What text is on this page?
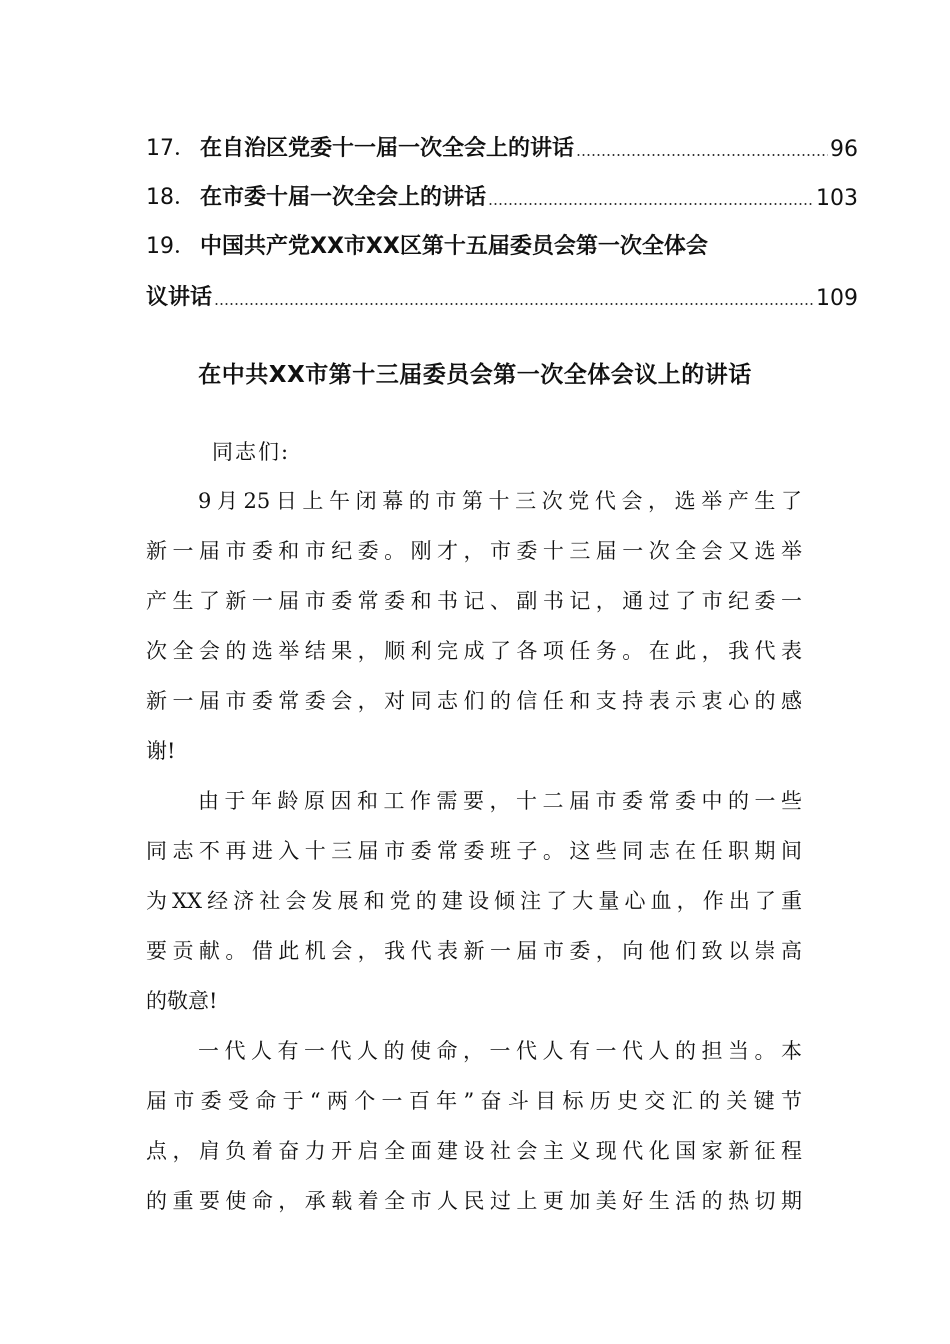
17． 在自治区党委十一届一次全会上的讲话	96
18． 在市委十届一次全会上的讲话	103
19． 中国共产党XX市XX区第十五届委员会第一次全体会
议讲话	109
在中共XX市第十三届委员会第一次全体会议上的讲话
同志们:
9月25日上午闭幕的市第十三次党代会，选举产生了
新一届市委和市纪委。刚才，市委十三届一次全会又选举
产生了新一届市委常委和书记、副书记，通过了市纪委一
次全会的选举结果，顺利完成了各项任务。在此，我代表
新一届市委常委会，对同志们的信任和支持表示衷心的感
谢!
由于年龄原因和工作需要，十二届市委常委中的一些
同志不再进入十三届市委常委班子。这些同志在任职期间
为XX经济社会发展和党的建设倾注了大量心血，作出了重
要贡献。借此机会，我代表新一届市委，向他们致以崇高
的敬意!
一代人有一代人的使命，一代人有一代人的担当。本
届市委受命于“两个一百年”奋斗目标历史交汇的关键节
点，肩负着奋力开启全面建设社会主义现代化国家新征程
的重要使命，承载着全市人民过上更加美好生活的热切期
